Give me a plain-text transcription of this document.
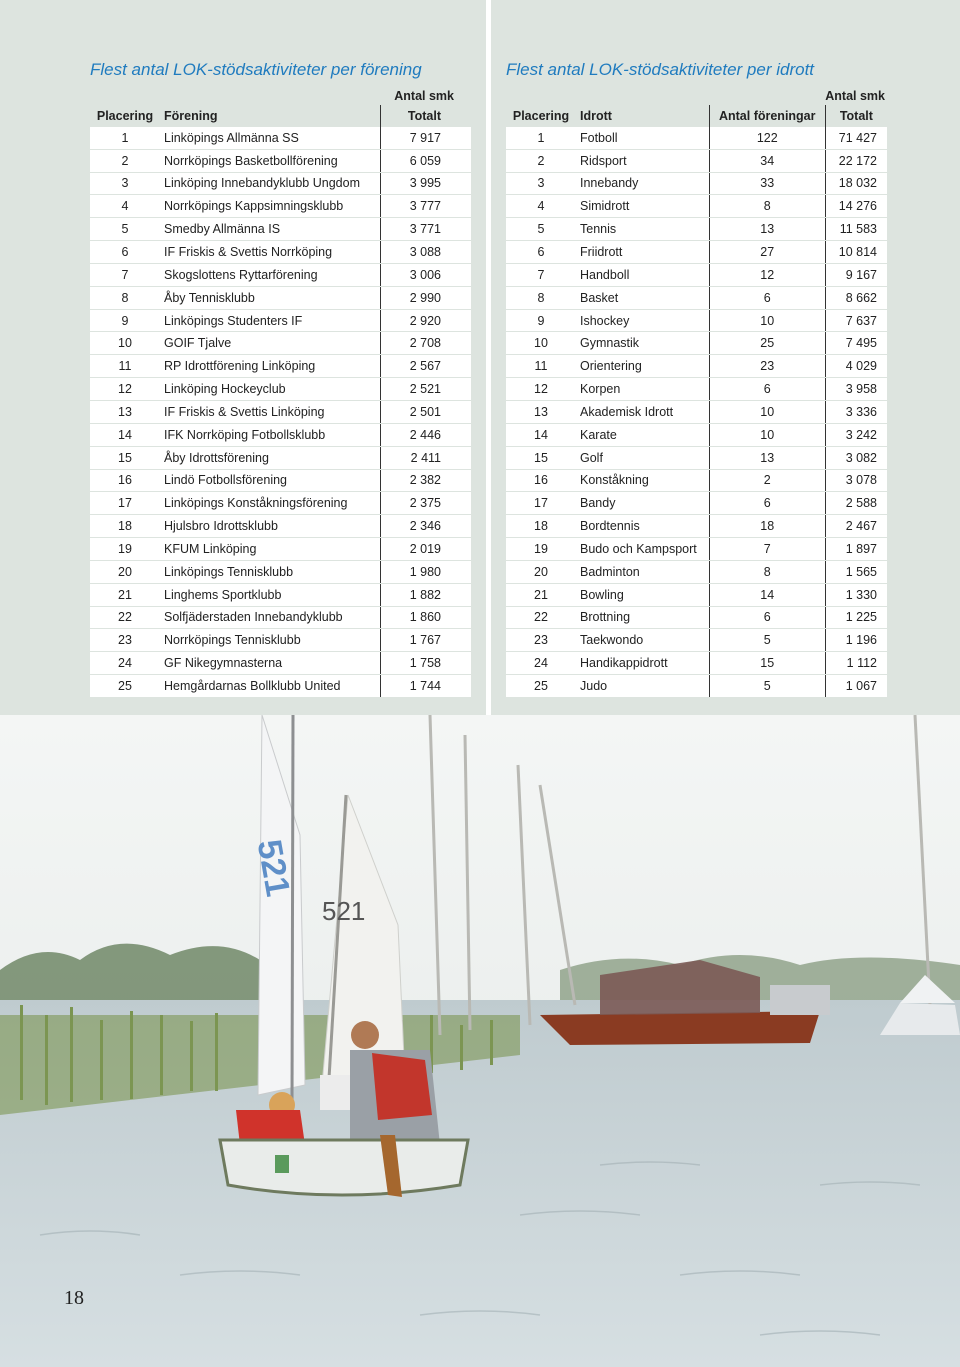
Flest antal LOK-stödsaktiviteter per förening
		Antal smk
Placering	Förening	Totalt
1	Linköpings Allmänna SS	7 917
2	Norrköpings Basketbollförening	6 059
3	Linköping Innebandyklubb Ungdom	3 995
4	Norrköpings Kappsimningsklubb	3 777
5	Smedby Allmänna IS	3 771
6	IF Friskis & Svettis Norrköping	3 088
7	Skogslottens Ryttarförening	3 006
8	Åby Tennisklubb	2 990
9	Linköpings Studenters IF	2 920
10	GOIF Tjalve	2 708
11	RP Idrottförening Linköping	2 567
12	Linköping Hockeyclub	2 521
13	IF Friskis & Svettis Linköping	2 501
14	IFK Norrköping Fotbollsklubb	2 446
15	Åby Idrottsförening	2 411
16	Lindö Fotbollsförening	2 382
17	Linköpings Konståkningsförening	2 375
18	Hjulsbro Idrottsklubb	2 346
19	KFUM Linköping	2 019
20	Linköpings Tennisklubb	1 980
21	Linghems Sportklubb	1 882
22	Solfjäderstaden Innebandyklubb	1 860
23	Norrköpings Tennisklubb	1 767
24	GF Nikegymnasterna	1 758
25	Hemgårdarnas Bollklubb United	1 744
Flest antal LOK-stödsaktiviteter per idrott
			Antal smk
Placering	Idrott	Antal föreningar	Totalt
1	Fotboll	122	71 427
2	Ridsport	34	22 172
3	Innebandy	33	18 032
4	Simidrott	8	14 276
5	Tennis	13	11 583
6	Friidrott	27	10 814
7	Handboll	12	9 167
8	Basket	6	8 662
9	Ishockey	10	7 637
10	Gymnastik	25	7 495
11	Orientering	23	4 029
12	Korpen	6	3 958
13	Akademisk Idrott	10	3 336
14	Karate	10	3 242
15	Golf	13	3 082
16	Konståkning	2	3 078
17	Bandy	6	2 588
18	Bordtennis	18	2 467
19	Budo och Kampsport	7	1 897
20	Badminton	8	1 565
21	Bowling	14	1 330
22	Brottning	6	1 225
23	Taekwondo	5	1 196
24	Handikappidrott	15	1 112
25	Judo	5	1 067
521
521
18
